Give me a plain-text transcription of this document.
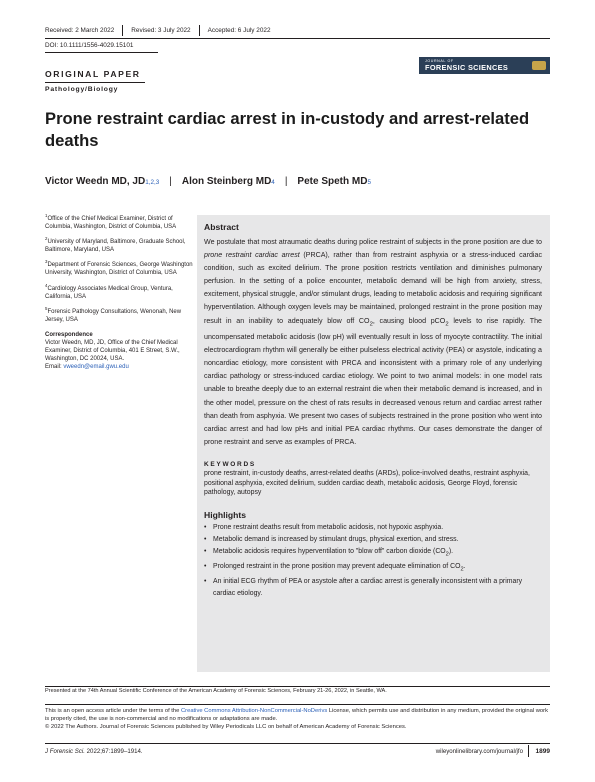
Received: 2 March 2022	Revised: 3 July 2022	Accepted: 6 July 2022
DOI: 10.1111/1556-4029.15101
ORIGINAL PAPER
Pathology/Biology
JOURNAL OF
FORENSIC SCIENCES
Prone restraint cardiac arrest in in-custody and arrest-related deaths
Victor Weedn MD, JD 1,2,3 | Alon Steinberg MD 4 | Pete Speth MD 5

$^1$Office of the Chief Medical Examiner, District of Columbia, Washington, District of Columbia, USA

$^2$University of Maryland, Baltimore, Graduate School, Baltimore, Maryland, USA

$^3$Department of Forensic Sciences, George Washington University, Washington, District of Columbia, USA

$^4$Cardiology Associates Medical Group, Ventura, California, USA

$^5$Forensic Pathology Consultations, Wenonah, New Jersey, USA

Correspondence
Victor Weedn, MD, JD, Office of the Chief Medical Examiner, District of Columbia, 401 E Street, S.W., Washington, DC 20024, USA.
Email: vweedn@email.gwu.edu
Abstract

We postulate that most atraumatic deaths during police restraint of subjects in the prone position are due to prone restraint cardiac arrest (PRCA), rather than from restraint asphyxia or a stress-induced cardiac condition, such as excited delirium. The prone position restricts ventilation and diminishes pulmonary perfusion. In the setting of a police encounter, metabolic demand will be high from anxiety, stress, excitement, physical struggle, and/or stimulant drugs, leading to metabolic acidosis and requiring significant hyperventilation. Although oxygen levels may be maintained, prolonged restraint in the prone position may result in an inability to adequately blow off $CO_2$, causing blood pCO$_2$ levels to rise rapidly. The uncompensated metabolic acidosis (low pH) will eventually result in loss of myocyte contractility. The initial electrocardiogram rhythm will generally be either pulseless electrical activity (PEA) or asystole, indicating a noncardiac etiology, more consistent with PRCA and inconsistent with a primary role of any underlying cardiac pathology or stress-induced cardiac etiology. We point to two animal models: in one model rats unable to breathe deeply due to an external restraint die when their metabolic demand is increased, and in the other model, pressure on the chest of rats results in decreased venous return and cardiac arrest rather than death from asphyxia. We present two cases of subjects restrained in the prone position who went into cardiac arrest and had low pHs and initial PEA cardiac rhythms. Our cases demonstrate the danger of prone restraint and serve as examples of PRCA.

KEYWORDS
prone restraint, in-custody deaths, arrest-related deaths (ARDs), police-involved deaths, restraint asphyxia, positional asphyxia, excited delirium, sudden cardiac death, metabolic acidosis, George Floyd, forensic pathology, autopsy
Highlights
• Prone restraint deaths result from metabolic acidosis, not hypoxic asphyxia.
• Metabolic demand is increased by stimulant drugs, physical exertion, and stress.
• Metabolic acidosis requires hyperventilation to "blow off" carbon dioxide $(CO_2)$.
• Prolonged restraint in the prone position may prevent adequate elimination of $CO_2$.
• An initial ECG rhythm of PEA or asystole after a cardiac arrest is generally inconsistent with a primary cardiac etiology.
Presented at the 74th Annual Scientific Conference of the American Academy of Forensic Sciences, February 21-26, 2022, in Seattle, WA.
This is an open access article under the terms of the Creative Commons Attribution-NonCommercial-NoDerivs License, which permits use and distribution in any medium, provided the original work is properly cited, the use is non-commercial and no modifications or adaptations are made.
© 2022 The Authors. Journal of Forensic Sciences published by Wiley Periodicals LLC on behalf of American Academy of Forensic Sciences.
J Forensic Sci. 2022;67:1899–1914.	wileyonlinelibrary.com/journal/jfo 1899
